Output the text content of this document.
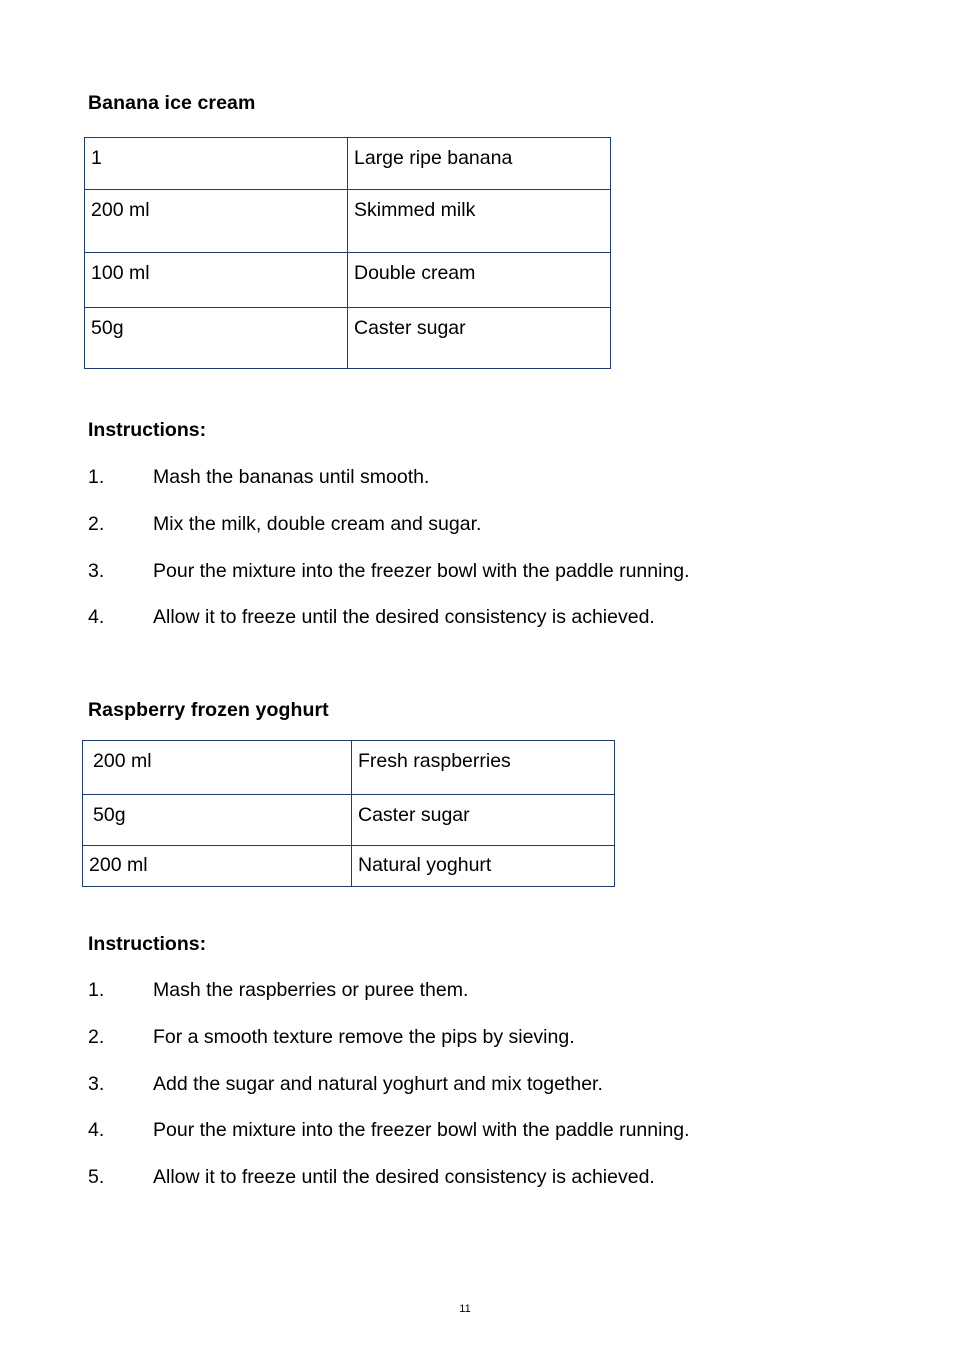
Banana ice cream
1	Large ripe banana
200 ml	Skimmed milk
100 ml	Double cream
50g	Caster sugar
Instructions:
1. Mash the bananas until smooth.
2. Mix the milk, double cream and sugar.
3. Pour the mixture into the freezer bowl with the paddle running.
4. Allow it to freeze until the desired consistency is achieved.
Raspberry frozen yoghurt
200 ml	Fresh raspberries
50g	Caster sugar
200 ml	Natural yoghurt
Instructions:
1. Mash the raspberries or puree them.
2. For a smooth texture remove the pips by sieving.
3. Add the sugar and natural yoghurt and mix together.
4. Pour the mixture into the freezer bowl with the paddle running.
5. Allow it to freeze until the desired consistency is achieved.
11
